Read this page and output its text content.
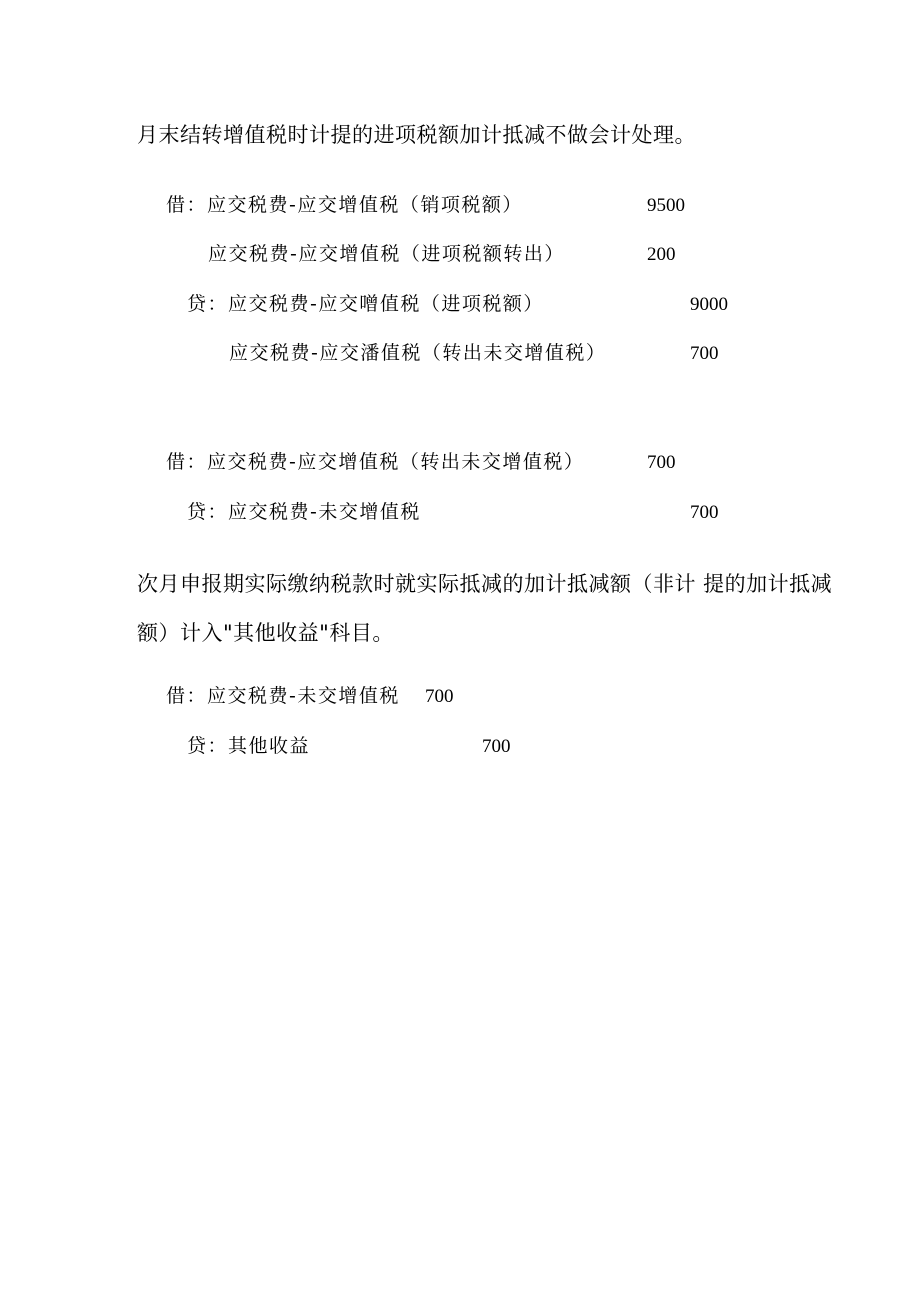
月末结转增值税时计提的进项税额加计抵减不做会计处理。
借：应交税费-应交增值税（销项税额）	9500
应交税费-应交增值税（进项税额转出）	200
贷：应交税费-应交噌值税（进项税额）	9000
应交税费-应交潘值税（转出未交增值税）	700
借：应交税费-应交增值税（转出未交增值税）	700
贷：应交税费-未交增值税	700
次月申报期实际缴纳税款时就实际抵减的加计抵减额（非计 提的加计抵减
额）计入"其他收益"科目。
借：应交税费-未交增值税 700
贷：其他收益	700
